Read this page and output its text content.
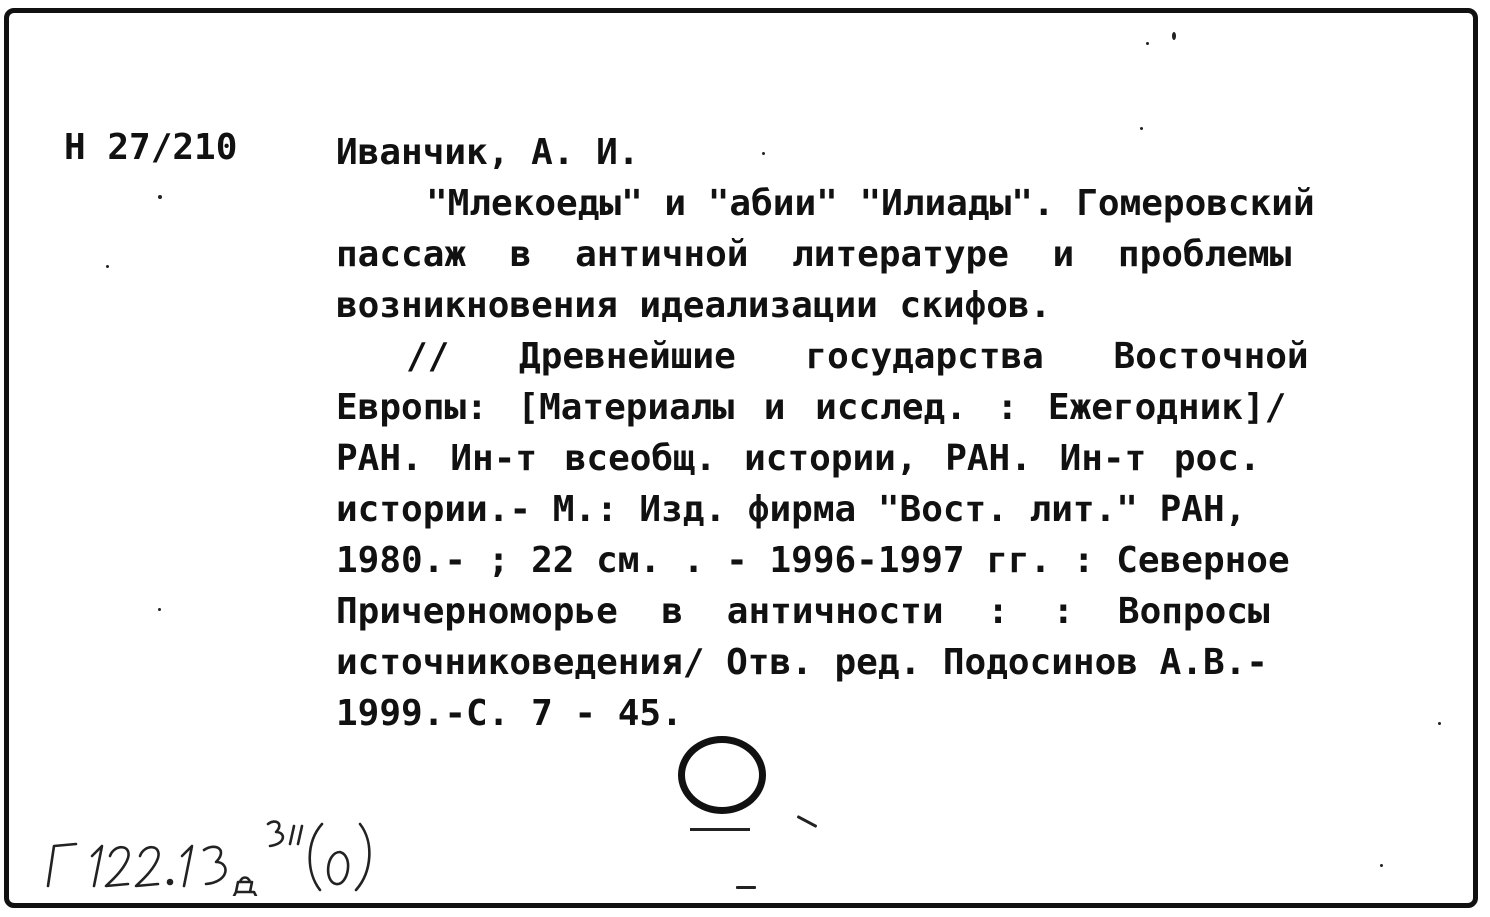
Н 27/210	Иванчик, А. И.
"Млекоеды" и "абии" "Илиады". Гомеровский
пассаж в античной литературе и проблемы
возникновения идеализации скифов.
// Древнейшие государства Восточной
Европы: [Материалы и исслед. : Ежегодник]/
РАН. Ин-т всеобщ. истории, РАН. Ин-т рос.
истории.- М.: Изд. фирма "Вост. лит." РАН,
1980.- ; 22 см. . - 1996-1997 гг. : Северное
Причерноморье в античности : : Вопросы
источниковедения/ Отв. ред. Подосинов А.В.-
1999.-С. 7 - 45.
